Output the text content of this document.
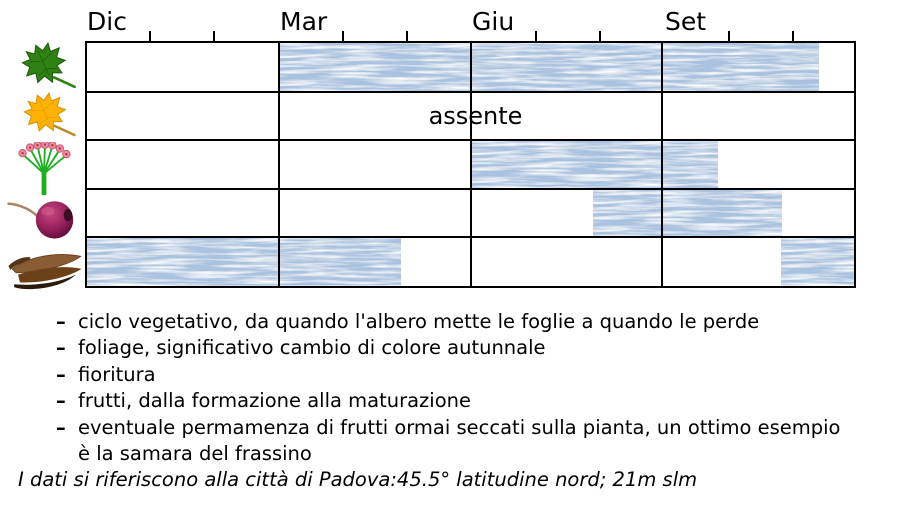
Dic	Mar	Giu	Set
assente
– ciclo vegetativo, da quando l'albero mette le foglie a quando le perde
– foliage, significativo cambio di colore autunnale
– fioritura
– frutti, dalla formazione alla maturazione
– eventuale permamenza di frutti ormai seccati sulla pianta, un ottimo esempio
è la samara del frassino
I dati si riferiscono alla città di Padova:45.5° latitudine nord; 21m slm
